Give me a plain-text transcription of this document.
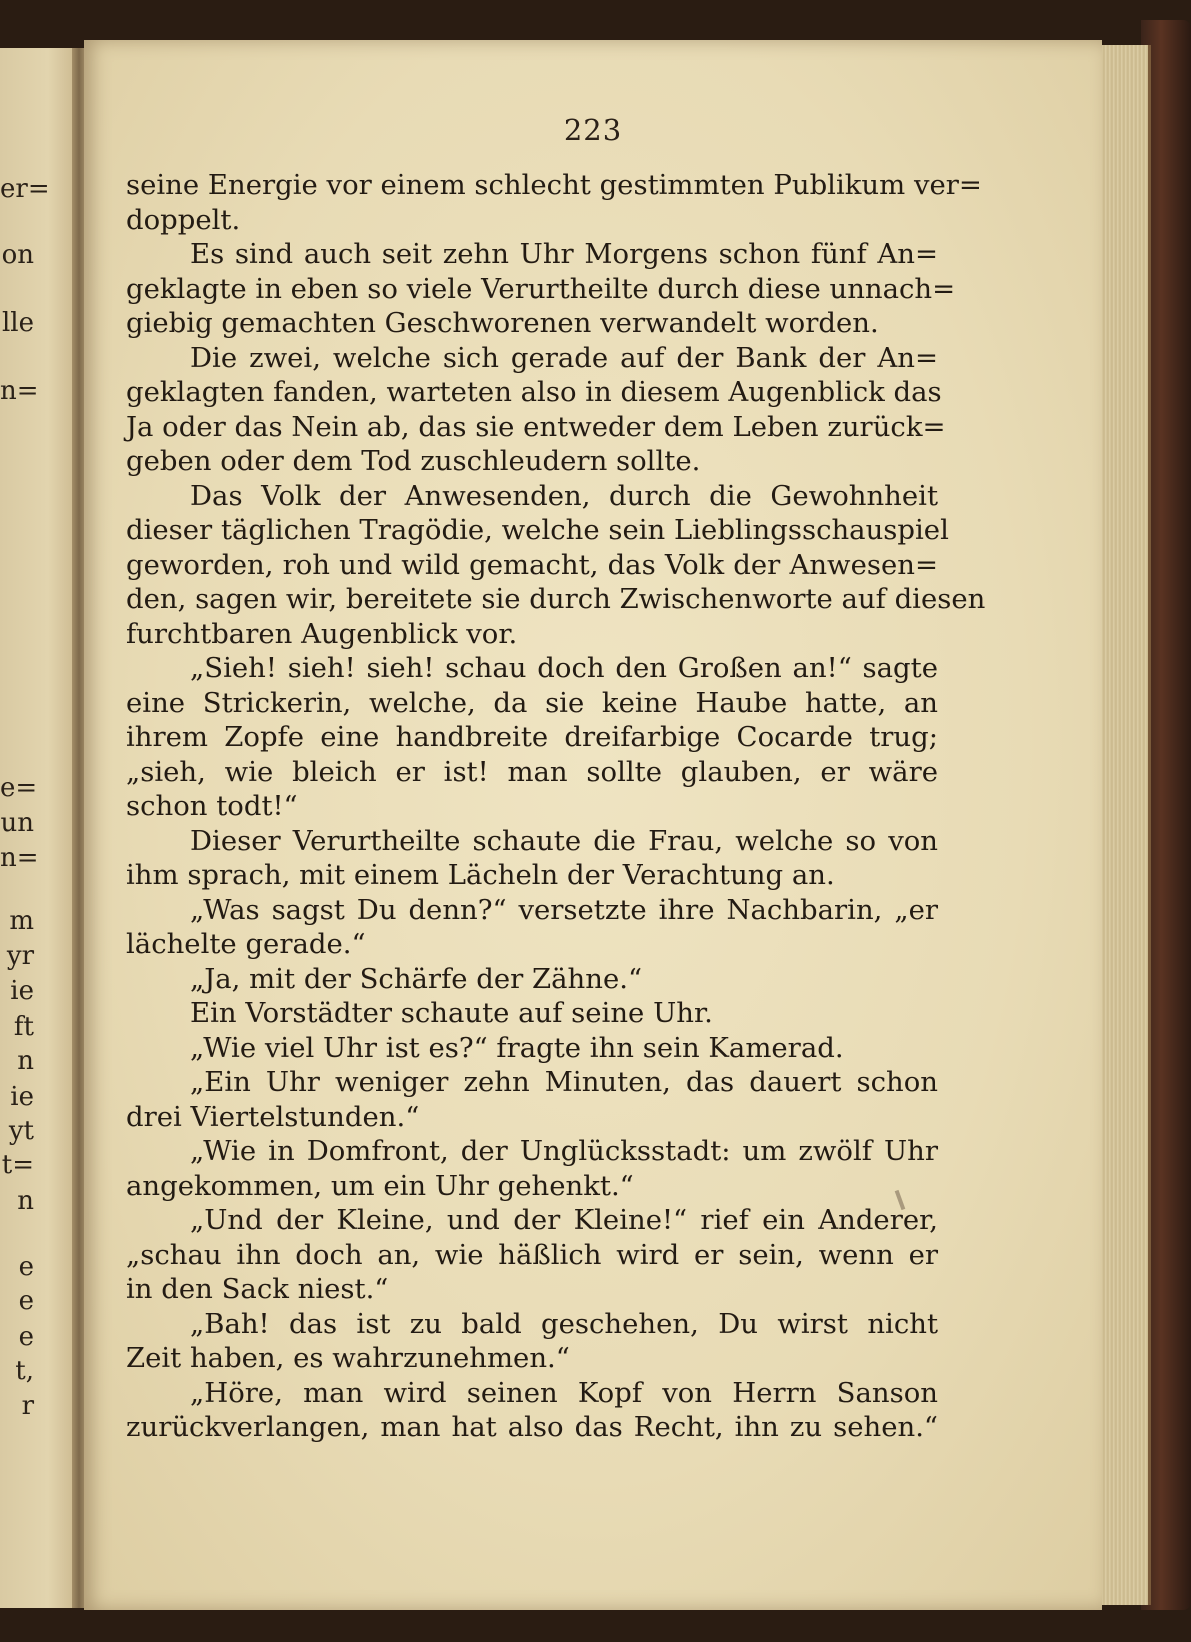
er=
on
lle
n=
e=
un
n=
m
yr
ie
ft
n
ie
yt
t=
n
e
e
e
t,
r
223
seine Energie vor einem schlecht gestimmten Publikum ver=
doppelt.
Es sind auch seit zehn Uhr Morgens schon fünf An=
geklagte in eben so viele Verurtheilte durch diese unnach=
giebig gemachten Geschworenen verwandelt worden.
Die zwei, welche sich gerade auf der Bank der An=
geklagten fanden, warteten also in diesem Augenblick das
Ja oder das Nein ab, das sie entweder dem Leben zurück=
geben oder dem Tod zuschleudern sollte.
Das Volk der Anwesenden, durch die Gewohnheit
dieser täglichen Tragödie, welche sein Lieblingsschauspiel
geworden, roh und wild gemacht, das Volk der Anwesen=
den, sagen wir, bereitete sie durch Zwischenworte auf diesen
furchtbaren Augenblick vor.
„Sieh! sieh! sieh! schau doch den Großen an!“ sagte
eine Strickerin, welche, da sie keine Haube hatte, an
ihrem Zopfe eine handbreite dreifarbige Cocarde trug;
„sieh, wie bleich er ist! man sollte glauben, er wäre
schon todt!“
Dieser Verurtheilte schaute die Frau, welche so von
ihm sprach, mit einem Lächeln der Verachtung an.
„Was sagst Du denn?“ versetzte ihre Nachbarin, „er
lächelte gerade.“
„Ja, mit der Schärfe der Zähne.“
Ein Vorstädter schaute auf seine Uhr.
„Wie viel Uhr ist es?“ fragte ihn sein Kamerad.
„Ein Uhr weniger zehn Minuten, das dauert schon
drei Viertelstunden.“
„Wie in Domfront, der Unglücksstadt: um zwölf Uhr
angekommen, um ein Uhr gehenkt.“
„Und der Kleine, und der Kleine!“ rief ein Anderer,
„schau ihn doch an, wie häßlich wird er sein, wenn er
in den Sack niest.“
„Bah! das ist zu bald geschehen, Du wirst nicht
Zeit haben, es wahrzunehmen.“
„Höre, man wird seinen Kopf von Herrn Sanson
zurückverlangen, man hat also das Recht, ihn zu sehen.“
